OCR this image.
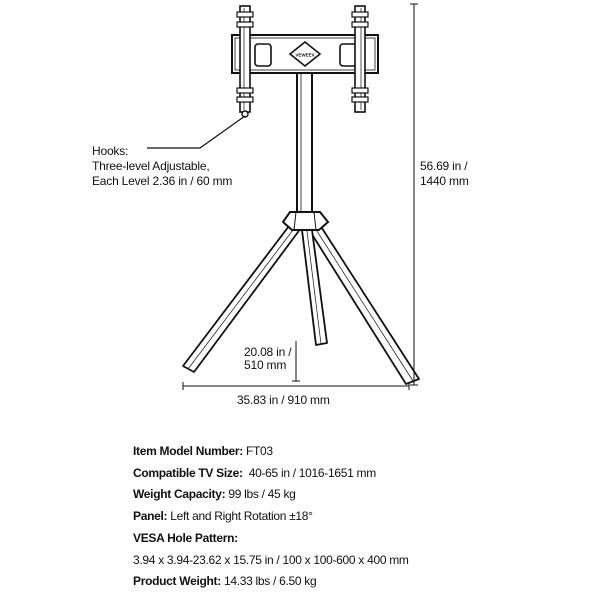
VEWEEX
Hooks:
Three-level Adjustable,
Each Level 2.36 in / 60 mm
56.69 in /
1440 mm
20.08 in /
510 mm
35.83 in / 910 mm
Item Model Number: FT03
Compatible TV Size:  40-65 in / 1016-1651 mm
Weight Capacity: 99 lbs / 45 kg
Panel: Left and Right Rotation ±18°
VESA Hole Pattern:
3.94 x 3.94-23.62 x 15.75 in / 100 x 100-600 x 400 mm
Product Weight: 14.33 lbs / 6.50 kg
